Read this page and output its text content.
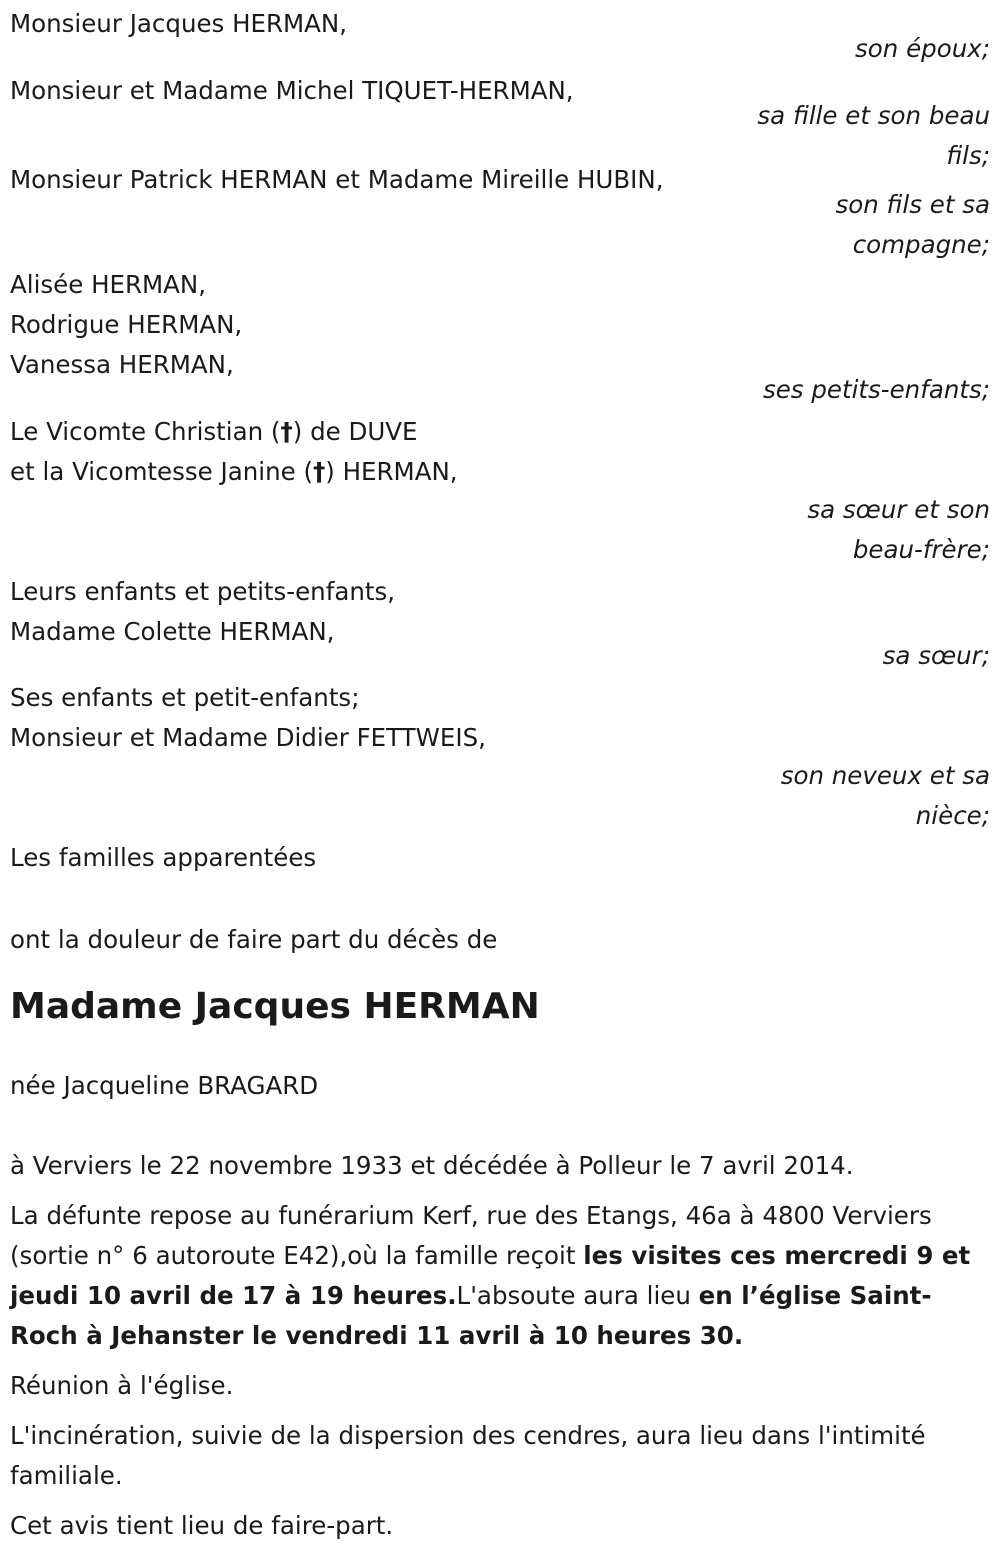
Monsieur Jacques HERMAN,
son époux;
Monsieur et Madame Michel TIQUET-HERMAN,
sa fille et son beau
fils;
Monsieur Patrick HERMAN et Madame Mireille HUBIN,
son fils et sa
compagne;
Alisée HERMAN,
Rodrigue HERMAN,
Vanessa HERMAN,
ses petits-enfants;
Le Vicomte Christian (†) de DUVE
et la Vicomtesse Janine (†) HERMAN,
sa sœur et son
beau-frère;
Leurs enfants et petits-enfants,
Madame Colette HERMAN,
sa sœur;
Ses enfants et petit-enfants;
Monsieur et Madame Didier FETTWEIS,
son neveux et sa
nièce;
Les familles apparentées
ont la douleur de faire part du décès de
Madame Jacques HERMAN
née Jacqueline BRAGARD

à Verviers le 22 novembre 1933 et décédée à Polleur le 7 avril 2014.

La défunte repose au funérarium Kerf, rue des Etangs, 46a à 4800 Verviers (sortie n° 6 autoroute E42),où la famille reçoit les visites ces mercredi 9 et jeudi 10 avril de 17 à 19 heures.L'absoute aura lieu en l’église Saint-Roch à Jehanster le vendredi 11 avril à 10 heures 30.

Réunion à l'église.

L'incinération, suivie de la dispersion des cendres, aura lieu dans l'intimité familiale.

Cet avis tient lieu de faire-part.
